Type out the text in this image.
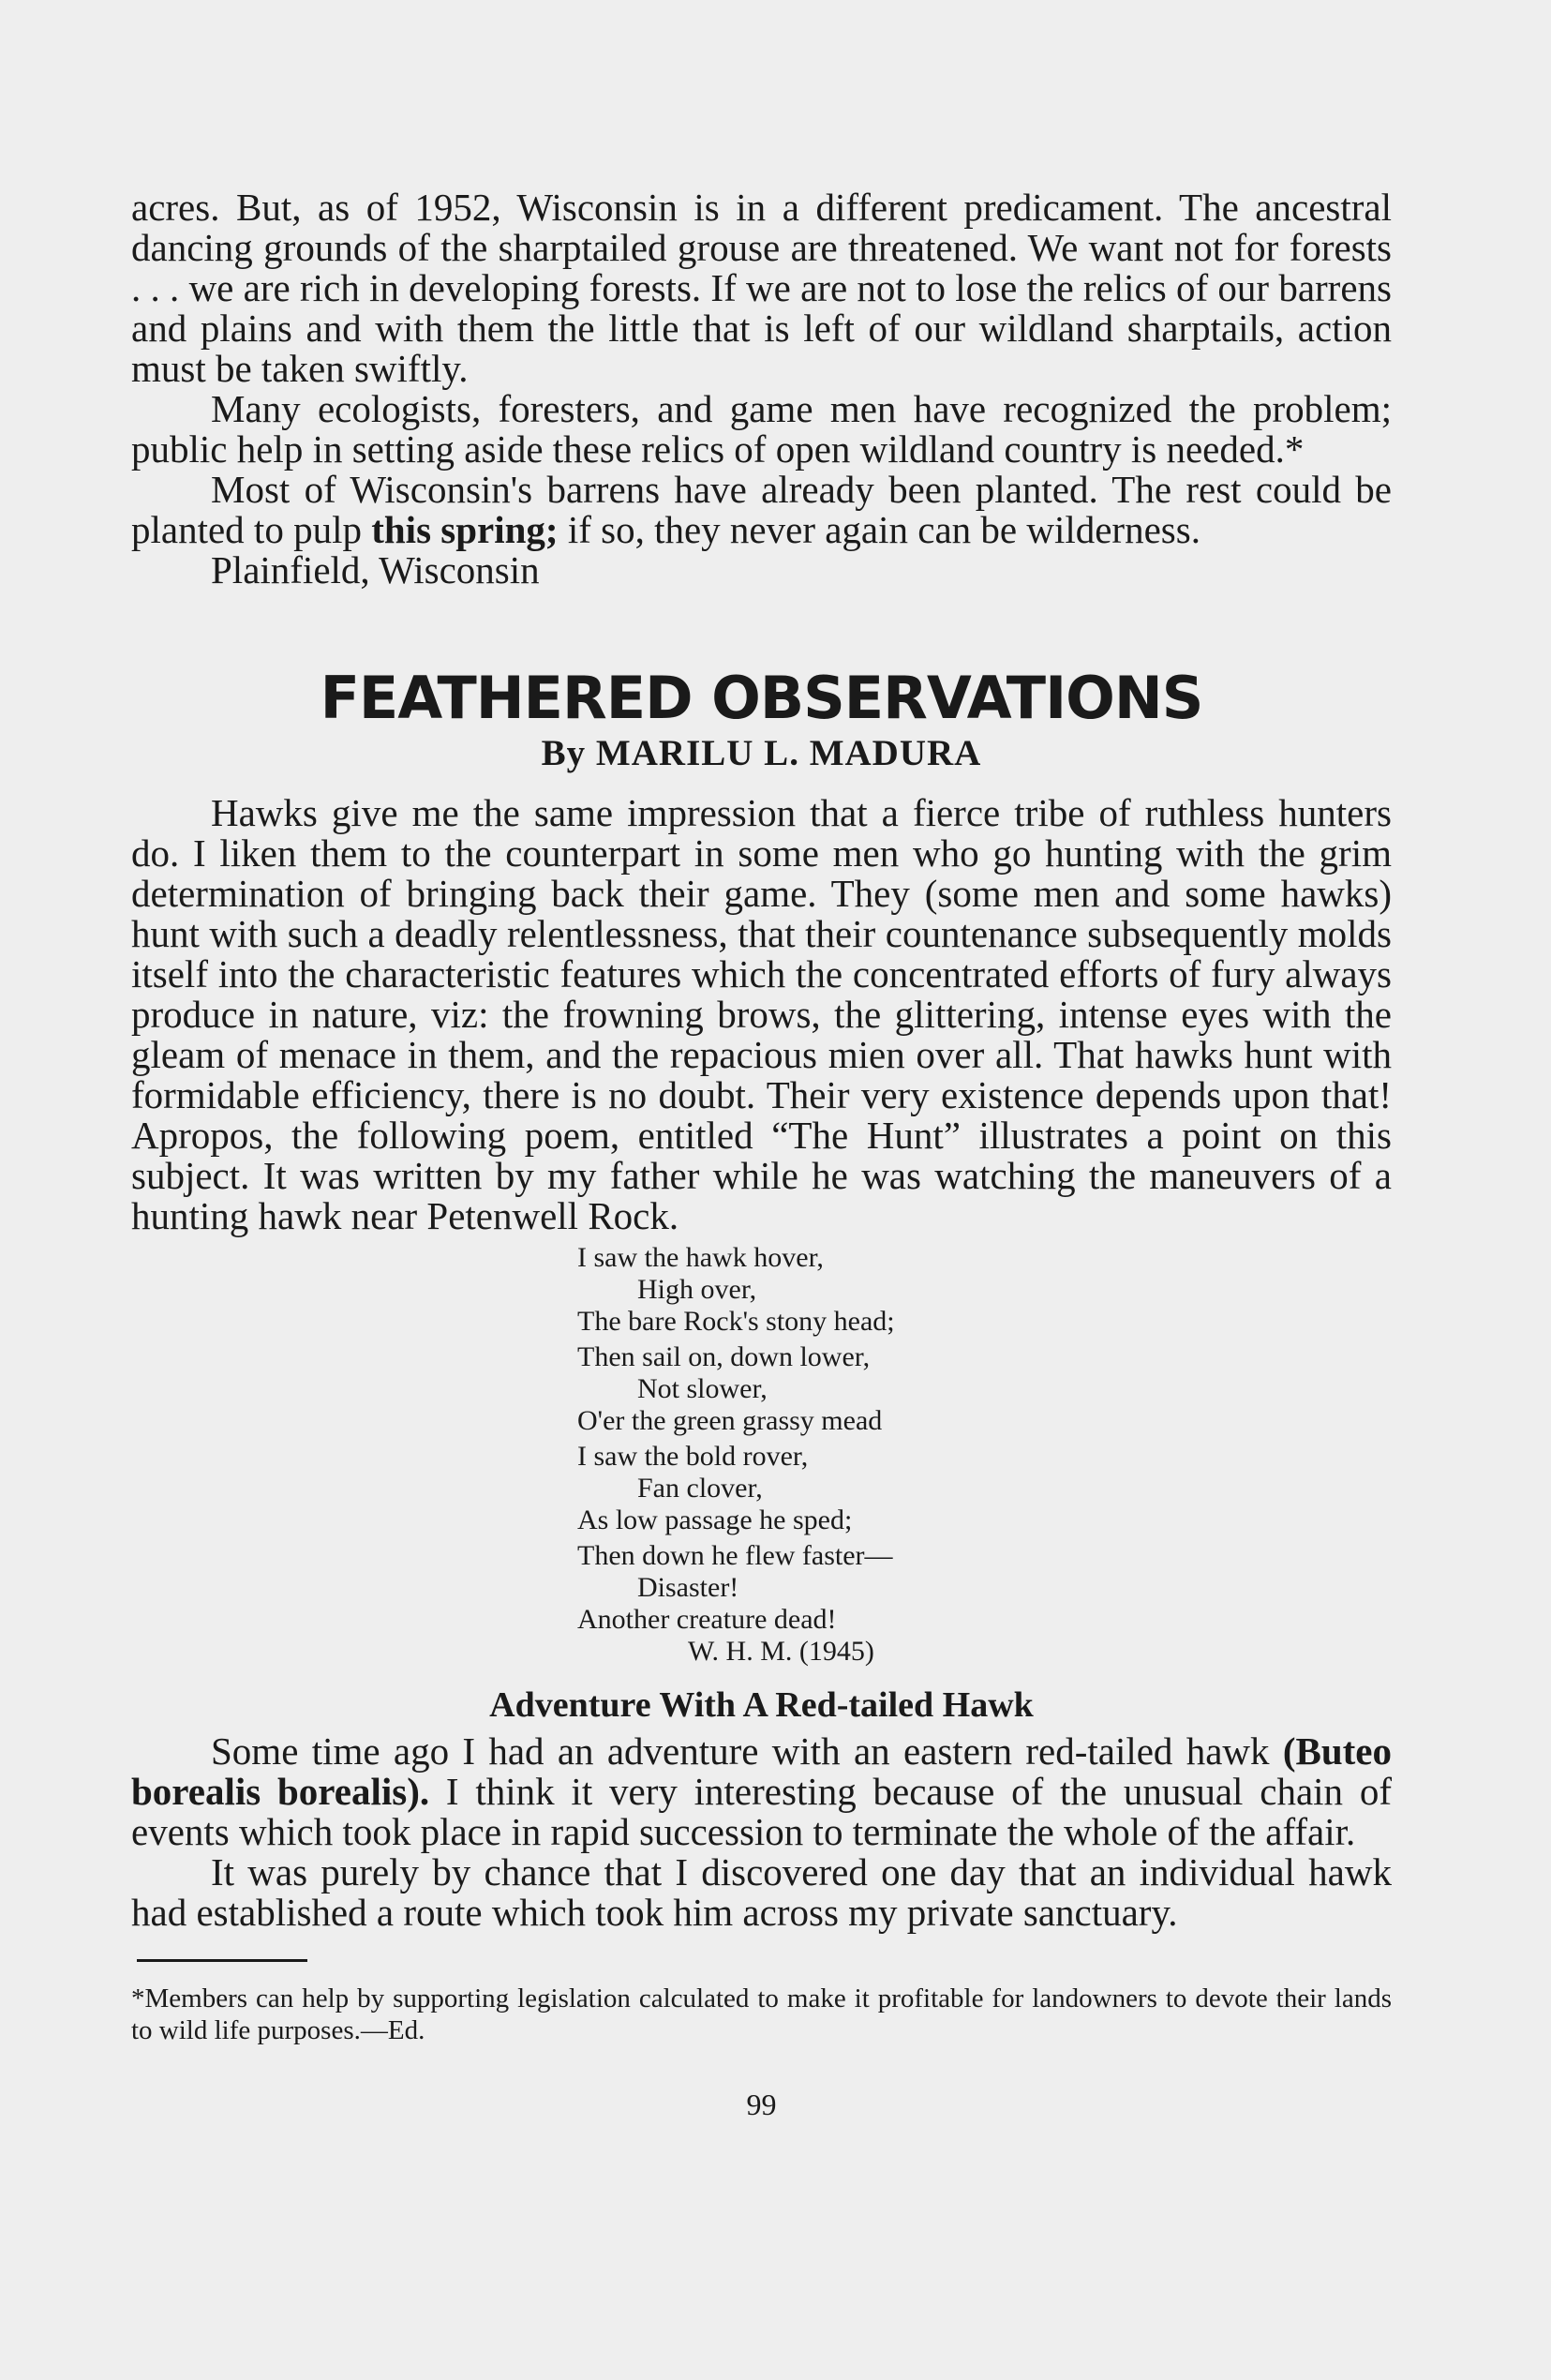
acres. But, as of 1952, Wisconsin is in a different predicament. The ancestral dancing grounds of the sharptailed grouse are threatened. We want not for forests . . . we are rich in developing forests. If we are not to lose the relics of our barrens and plains and with them the little that is left of our wildland sharptails, action must be taken swiftly.

Many ecologists, foresters, and game men have recognized the problem; public help in setting aside these relics of open wildland country is needed.*

Most of Wisconsin's barrens have already been planted. The rest could be planted to pulp this spring; if so, they never again can be wilderness.

Plainfield, Wisconsin

FEATHERED OBSERVATIONS
By MARILU L. MADURA

Hawks give me the same impression that a fierce tribe of ruthless hunters do. I liken them to the counterpart in some men who go hunting with the grim determination of bringing back their game. They (some men and some hawks) hunt with such a deadly relentlessness, that their countenance subsequently molds itself into the characteristic features which the concentrated efforts of fury always produce in nature, viz: the frowning brows, the glittering, intense eyes with the gleam of menace in them, and the repacious mien over all. That hawks hunt with formidable efficiency, there is no doubt. Their very existence depends upon that! Apropos, the following poem, entitled “The Hunt” illustrates a point on this subject. It was written by my father while he was watching the maneuvers of a hunting hawk near Petenwell Rock.

I saw the hawk hover,
High over,
The bare Rock's stony head;
Then sail on, down lower,
Not slower,
O'er the green grassy mead
I saw the bold rover,
Fan clover,
As low passage he sped;
Then down he flew faster—
Disaster!
Another creature dead!
W. H. M. (1945)
Adventure With A Red-tailed Hawk

Some time ago I had an adventure with an eastern red-tailed hawk (Buteo borealis borealis). I think it very interesting because of the unusual chain of events which took place in rapid succession to terminate the whole of the affair.

It was purely by chance that I discovered one day that an individual hawk had established a route which took him across my private sanctuary.

*Members can help by supporting legislation calculated to make it profitable for landowners to devote their lands to wild life purposes.—Ed.

99
